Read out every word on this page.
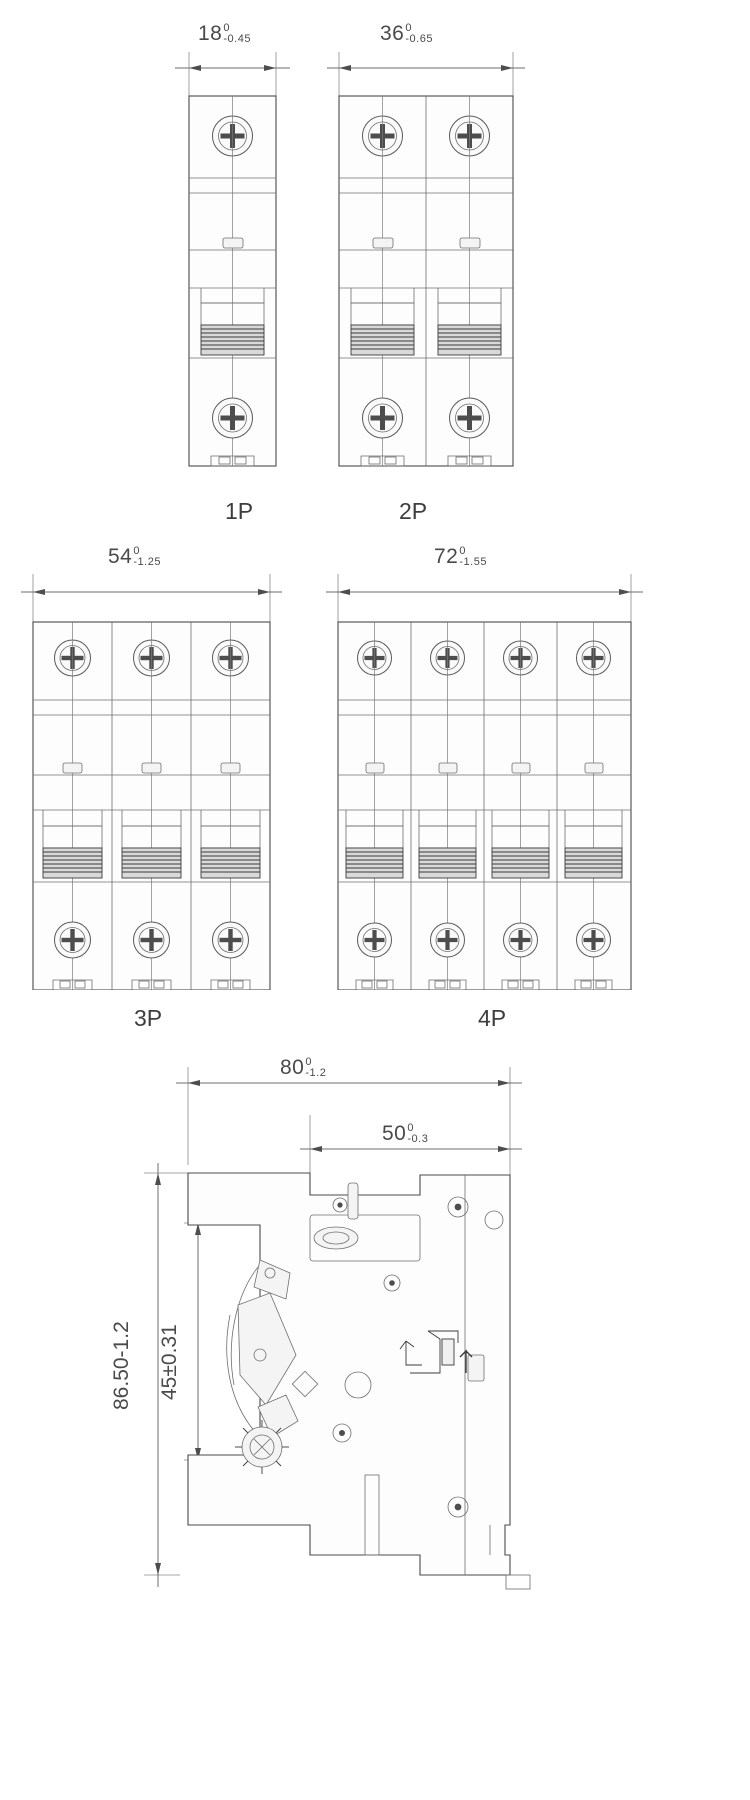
18 0
-0.45
1P
36 0
-0.65
2P
54 0
-1.25
3P
72 0
-1.55
4P
80 0
-1.2
50 0
-0.3
86.50-1.2 45±0.31
